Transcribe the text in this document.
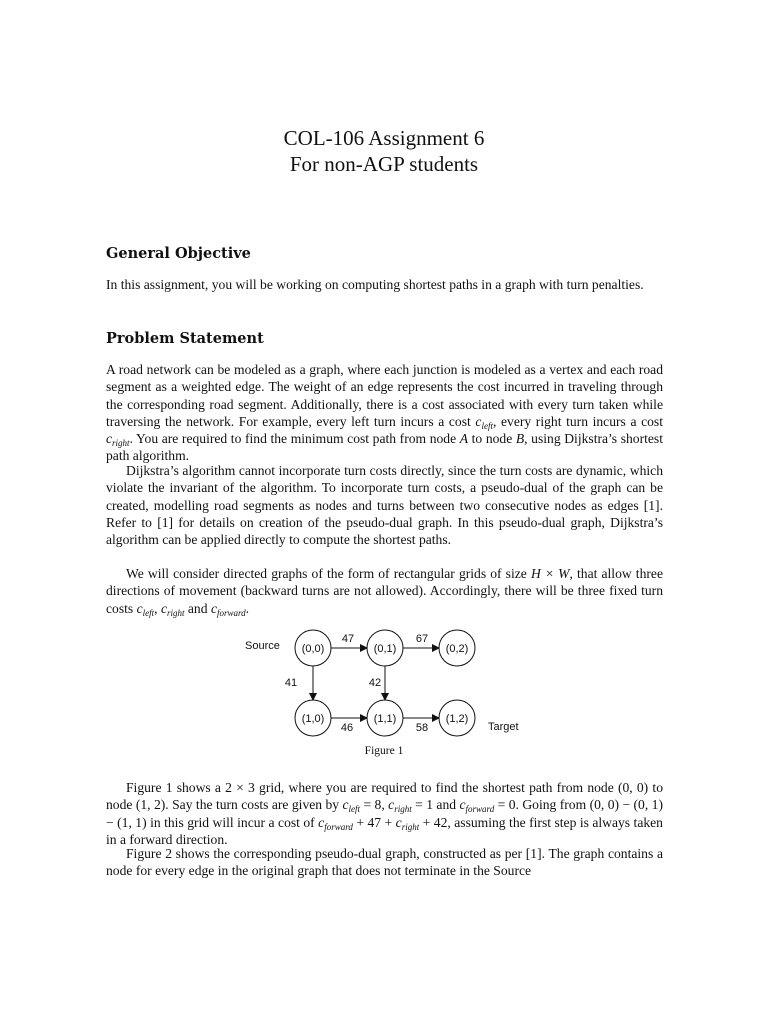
COL-106 Assignment 6
For non-AGP students
General Objective
In this assignment, you will be working on computing shortest paths in a graph with turn penalties.
Problem Statement
A road network can be modeled as a graph, where each junction is modeled as a vertex and each road segment as a weighted edge. The weight of an edge represents the cost incurred in traveling through the corresponding road segment. Additionally, there is a cost associated with every turn taken while traversing the network. For example, every left turn incurs a cost $c_{left}$, every right turn incurs a cost $c_{right}$. You are required to find the minimum cost path from node A to node B, using Dijkstra’s shortest path algorithm.
Dijkstra’s algorithm cannot incorporate turn costs directly, since the turn costs are dynamic, which violate the invariant of the algorithm. To incorporate turn costs, a pseudo-dual of the graph can be created, modelling road segments as nodes and turns between two consecutive nodes as edges [1]. Refer to [1] for details on creation of the pseudo-dual graph. In this pseudo-dual graph, Dijkstra’s algorithm can be applied directly to compute the shortest paths.
We will consider directed graphs of the form of rectangular grids of size H × W, that allow three directions of movement (backward turns are not allowed). Accordingly, there will be three fixed turn costs $c_{left}$, $c_{right}$ and $c_{forward}$.
47	67
41	42
46	58
(0,0)	(0,1)	(0,2)
(1,0)	(1,1)	(1,2)
Source
Target
Figure 1
Figure 1 shows a 2 × 3 grid, where you are required to find the shortest path from node (0, 0) to node (1, 2). Say the turn costs are given by $c_{left} = 8$, $c_{right} = 1$ and $c_{forward} = 0$. Going from (0, 0) − (0, 1) − (1, 1) in this grid will incur a cost of $c_{forward} + 47 + c_{right} + 42$, assuming the first step is always taken in a forward direction.
Figure 2 shows the corresponding pseudo-dual graph, constructed as per [1]. The graph contains a node for every edge in the original graph that does not terminate in the Source
